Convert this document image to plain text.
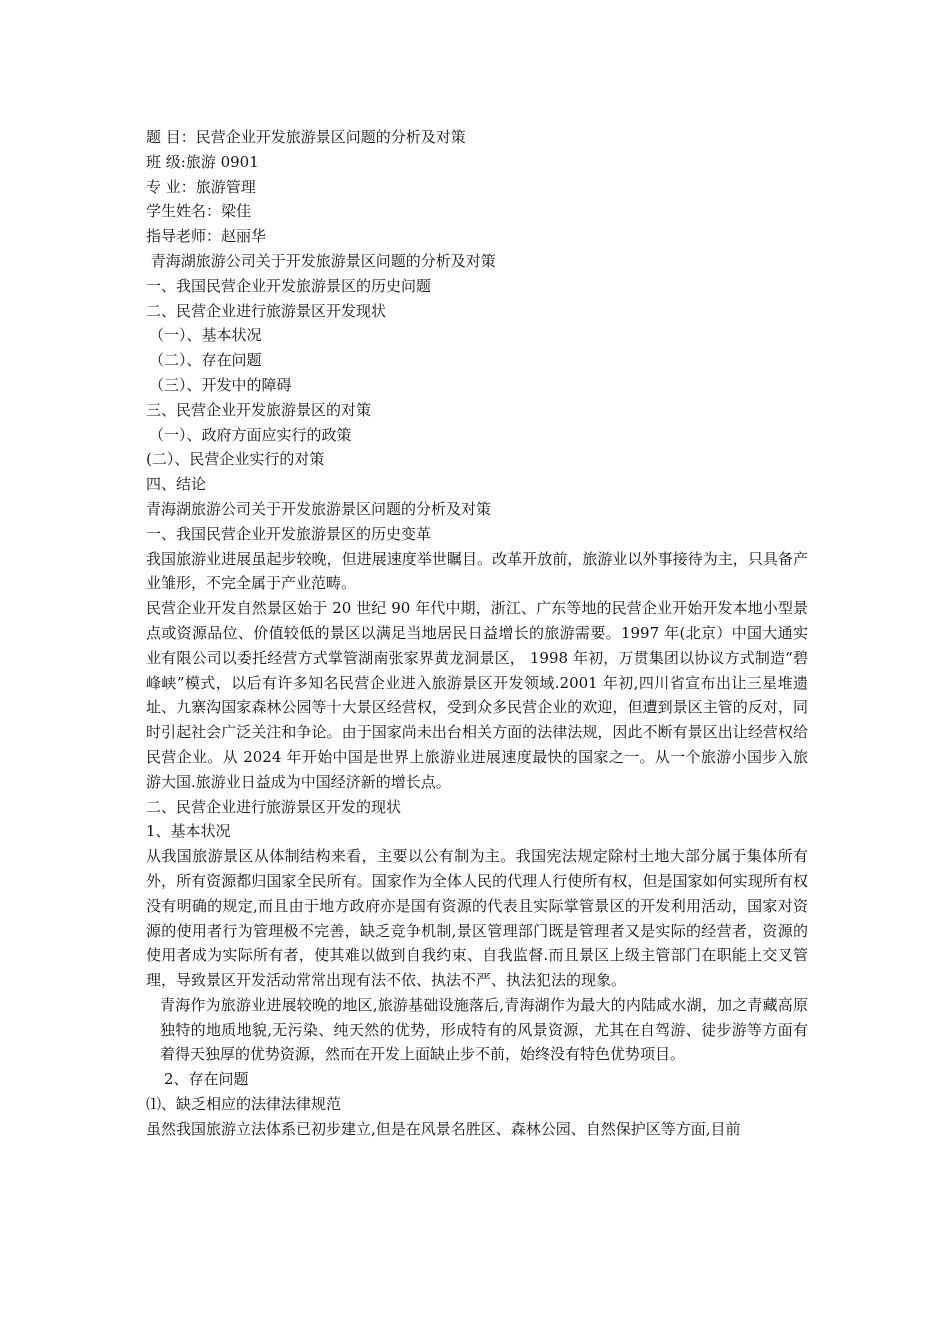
题 目：民营企业开发旅游景区问题的分析及对策

班 级:旅游 0901

专 业：旅游管理

学生姓名：梁佳

指导老师：赵丽华

青海湖旅游公司关于开发旅游景区问题的分析及对策

一、我国民营企业开发旅游景区的历史问题

二、民营企业进行旅游景区开发现状

（一）、基本状况

（二）、存在问题

（三）、开发中的障碍

三、民营企业开发旅游景区的对策

（一）、政府方面应实行的政策

(二）、民营企业实行的对策

四、结论

青海湖旅游公司关于开发旅游景区问题的分析及对策

一、我国民营企业开发旅游景区的历史变革

我国旅游业进展虽起步较晚，但进展速度举世瞩目。改革开放前，旅游业以外事接待为主，只具备产业雏形，不完全属于产业范畴。

民营企业开发自然景区始于 20 世纪 90 年代中期，浙江、广东等地的民营企业开始开发本地小型景点或资源品位、价值较低的景区以满足当地居民日益增长的旅游需要。1997 年(北京）中国大通实业有限公司以委托经营方式掌管湖南张家界黄龙洞景区， 1998 年初，万贯集团以协议方式制造“碧峰峡”模式，以后有许多知名民营企业进入旅游景区开发领域.2001 年初,四川省宣布出让三星堆遗址、九寨沟国家森林公园等十大景区经营权，受到众多民营企业的欢迎，但遭到景区主管的反对，同时引起社会广泛关注和争论。由于国家尚未出台相关方面的法律法规，因此不断有景区出让经营权给民营企业。从 2024 年开始中国是世界上旅游业进展速度最快的国家之一。从一个旅游小国步入旅游大国.旅游业日益成为中国经济新的增长点。

二、民营企业进行旅游景区开发的现状

1、基本状况

从我国旅游景区从体制结构来看，主要以公有制为主。我国宪法规定除村土地大部分属于集体所有外，所有资源都归国家全民所有。国家作为全体人民的代理人行使所有权，但是国家如何实现所有权没有明确的规定,而且由于地方政府亦是国有资源的代表且实际掌管景区的开发利用活动，国家对资源的使用者行为管理极不完善，缺乏竞争机制,景区管理部门既是管理者又是实际的经营者，资源的使用者成为实际所有者，使其难以做到自我约束、自我监督.而且景区上级主管部门在职能上交叉管理，导致景区开发活动常常出现有法不依、执法不严、执法犯法的现象。

青海作为旅游业进展较晚的地区,旅游基础设施落后,青海湖作为最大的内陆咸水湖，加之青藏高原独特的地质地貌,无污染、纯天然的优势，形成特有的风景资源，尤其在自驾游、徒步游等方面有着得天独厚的优势资源，然而在开发上面缺止步不前，始终没有特色优势项目。

2、存在问题

⑴、缺乏相应的法律法律规范

虽然我国旅游立法体系已初步建立,但是在风景名胜区、森林公园、自然保护区等方面,目前
